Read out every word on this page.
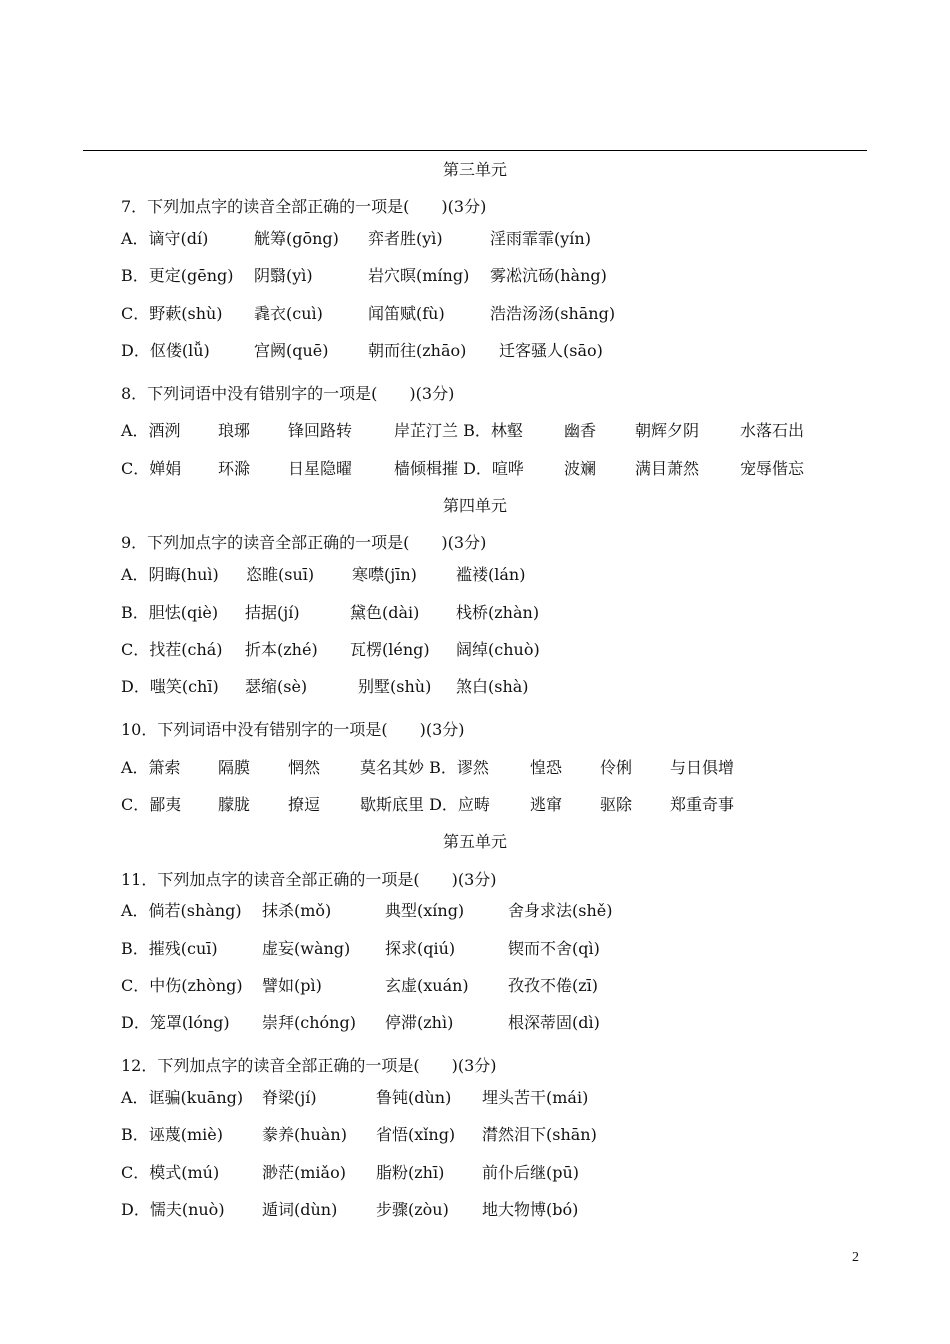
第三单元
7．下列加点字的读音全部正确的一项是(　　)(3分)
A．谪守(dí)	觥筹(gōng) 弈者胜(yì)	淫雨霏霏(yín)
B．更定(gēng) 阴翳(yì)	岩穴暝(míng) 雾凇沆砀(hàng)
C．野蔌(shù) 毳衣(cuì)	闻笛赋(fù)	浩浩汤汤(shāng)
D．伛偻(lǚ)	宫阙(quē) 朝而往(zhāo) 迁客骚人(sāo)
8．下列词语中没有错别字的一项是(　　)(3分)
A．酒洌 琅琊 锋回路转	岸芷汀兰 B．林壑	幽香 朝辉夕阴	水落石出
C．婵娟 环滁 日星隐曜	樯倾楫摧 D．喧哗	波斓 满目萧然	宠辱偕忘
第四单元
9．下列加点字的读音全部正确的一项是(　　)(3分)
A．阴晦(huì) 恣睢(suī) 寒噤(jīn) 褴褛(lán)
B．胆怯(qiè) 拮据(jí)	黛色(dài) 栈桥(zhàn)
C．找茬(chá) 折本(zhé) 瓦楞(léng) 阔绰(chuò)
D．嗤笑(chī) 瑟缩(sè)	别墅(shù) 煞白(shà)
10．下列词语中没有错别字的一项是(　　)(3分)
A．箫索 隔膜 惘然 莫名其妙 B．谬然	惶恐 伶俐 与日俱增
C．鄙夷 朦胧 撩逗 歇斯底里 D．应畴	逃窜 驱除 郑重奇事
第五单元
11．下列加点字的读音全部正确的一项是(　　)(3分)
A．倘若(shàng) 抹杀(mǒ)	典型(xíng)	舍身求法(shě)
B．摧残(cuī)	虚妄(wàng) 探求(qiú)	锲而不舍(qì)
C．中伤(zhòng) 譬如(pì)	玄虚(xuán) 孜孜不倦(zī)
D．笼罩(lóng) 崇拜(chóng) 停滞(zhì)	根深蒂固(dì)
12．下列加点字的读音全部正确的一项是(　　)(3分)
A．诓骗(kuāng) 脊梁(jí)	鲁钝(dùn) 埋头苦干(mái)
B．诬蔑(miè) 豢养(huàn) 省悟(xǐng) 潸然泪下(shān)
C．模式(mú)	渺茫(miǎo) 脂粉(zhī) 前仆后继(pū)
D．懦夫(nuò) 遁词(dùn) 步骤(zòu) 地大物博(bó)
2
